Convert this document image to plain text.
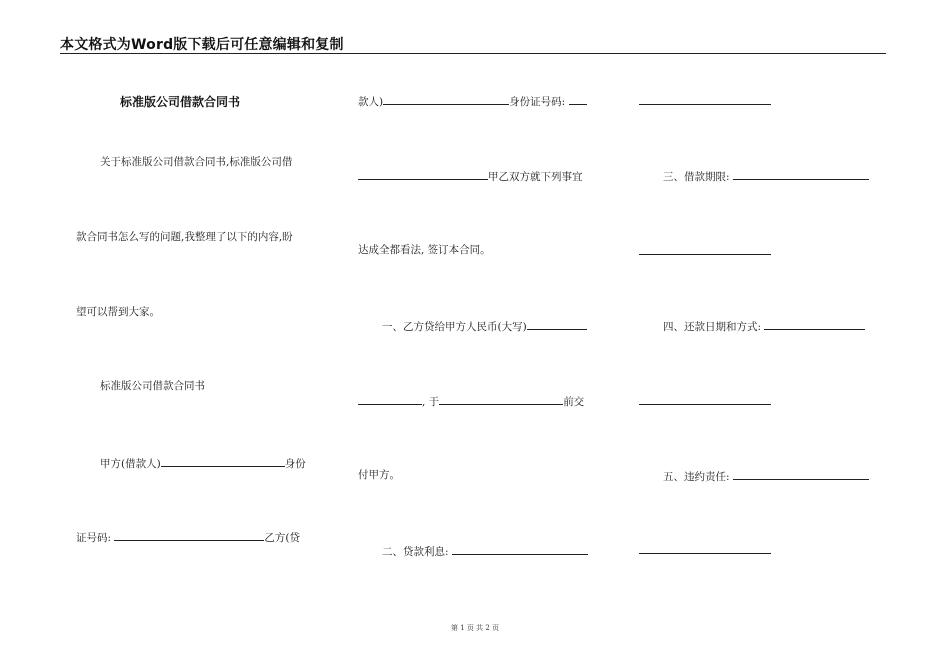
本文格式为Word版下载后可任意编辑和复制
标准版公司借款合同书
关于标准版公司借款合同书,标准版公司借
款合同书怎么写的问题,我整理了以下的内容,盼
望可以帮到大家。
标准版公司借款合同书
甲方(借款人)	身份
证号码:	乙方(贷
款人)	身份证号码:
甲乙双方就下列事宜
达成全都看法, 签订本合同。
一、乙方贷给甲方人民币(大写)
, 于	前交
付甲方。
二、贷款利息:
三、借款期限:
四、还款日期和方式:
五、违约责任:
第 1 页 共 2 页
